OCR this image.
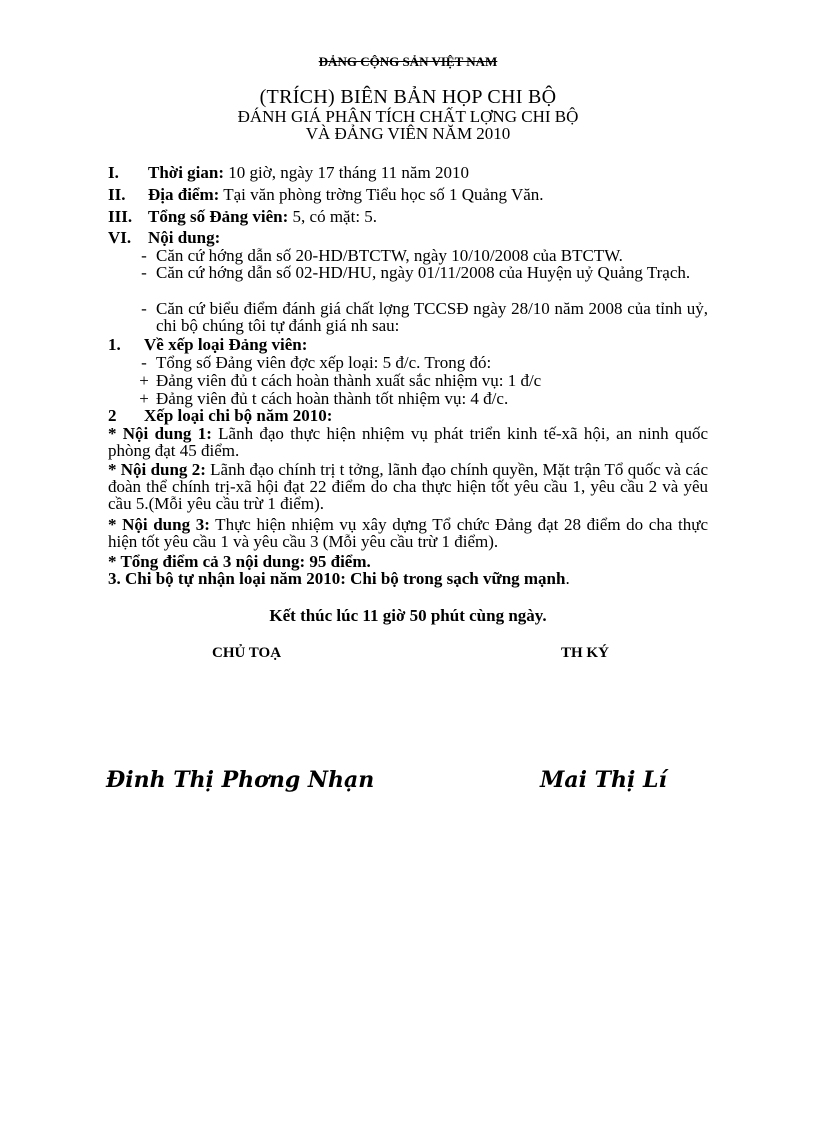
ĐẢNG CỘNG SẢN VIỆT NAM
(TRÍCH) BIÊN BẢN HỌP CHI BỘ
ĐÁNH GIÁ PHÂN TÍCH CHẤT LỢNG CHI BỘ
VÀ ĐẢNG VIÊN NĂM 2010
I. Thời gian: 10 giờ, ngày 17 tháng 11 năm 2010
II. Địa điểm: Tại văn phòng trờng Tiểu học số 1 Quảng Văn.
III. Tổng số Đảng viên: 5, có mặt: 5.
VI. Nội dung:
- Căn cứ hớng dẫn số 20-HD/BTCTW, ngày 10/10/2008 của BTCTW.
- Căn cứ hớng dẫn số 02-HD/HU, ngày 01/11/2008 của Huyện uỷ Quảng Trạch.
- Căn cứ biểu điểm đánh giá chất lợng TCCSĐ ngày 28/10 năm 2008 của tỉnh uỷ, chi bộ chúng tôi tự đánh giá nh sau:
1. Về xếp loại Đảng viên:
- Tổng số Đảng viên đợc xếp loại: 5 đ/c. Trong đó:
+ Đảng viên đủ t cách hoàn thành xuất sắc nhiệm vụ: 1 đ/c
+ Đảng viên đủ t cách hoàn thành tốt nhiệm vụ: 4 đ/c.
2 Xếp loại chi bộ năm 2010:
* Nội dung 1: Lãnh đạo thực hiện nhiệm vụ phát triển kinh tế-xã hội, an ninh quốc phòng đạt 45 điểm.
* Nội dung 2: Lãnh đạo chính trị t tởng, lãnh đạo chính quyền, Mặt trận Tổ quốc và các đoàn thể chính trị-xã hội đạt 22 điểm do cha thực hiện tốt yêu cầu 1, yêu cầu 2 và yêu cầu 5.(Mỗi yêu cầu trừ 1 điểm).
* Nội dung 3: Thực hiện nhiệm vụ xây dựng Tổ chức Đảng đạt 28 điểm do cha thực hiện tốt yêu cầu 1 và yêu cầu 3 (Mỗi yêu cầu trừ 1 điểm).
* Tổng điểm cả 3 nội dung: 95 điểm.
3. Chi bộ tự nhận loại năm 2010: Chi bộ trong sạch vững mạnh.
Kết thúc lúc 11 giờ 50 phút cùng ngày.
CHỦ TOẠ	TH KÝ
Đinh Thị Phơng Nhạn	Mai Thị Lí
